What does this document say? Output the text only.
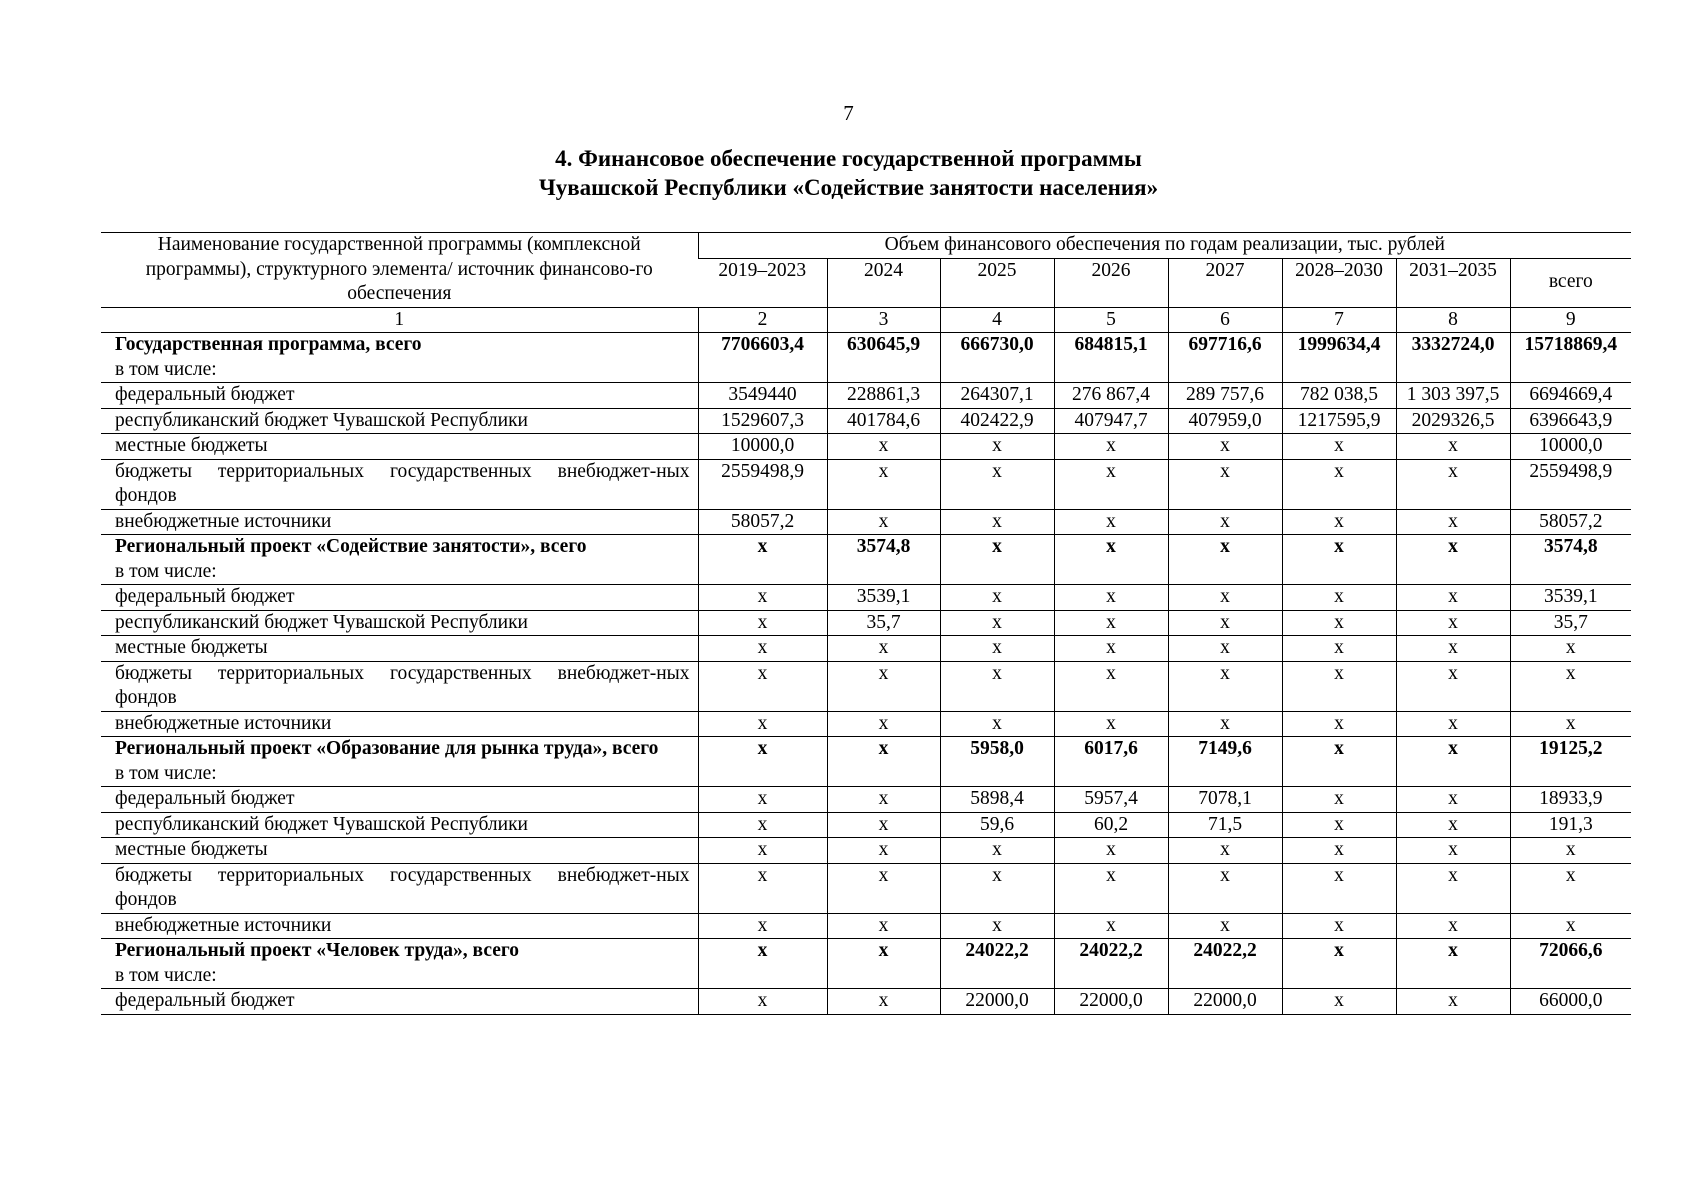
7
4. Финансовое обеспечение государственной программы
Чувашской Республики «Содействие занятости населения»
Наименование государственной программы (комплексной программы), структурного элемента/ источник финансово-го обеспечения	Объем финансового обеспечения по годам реализации, тыс. рублей							
	2019–2023	2024	2025	2026	2027	2028–2030	2031–2035	всего
1	2	3	4	5	6	7	8	9

Государственная программа, всего
в том числе:	7706603,4	630645,9	666730,0	684815,1	697716,6	1999634,4	3332724,0	15718869,4

федеральный бюджет	3549440	228861,3	264307,1	276 867,4	289 757,6	782 038,5	1 303 397,5	6694669,4

республиканский бюджет Чувашской Республики	1529607,3	401784,6	402422,9	407947,7	407959,0	1217595,9	2029326,5	6396643,9

местные бюджеты	10000,0	x	x	x	x	x	x	10000,0

бюджеты территориальных государственных внебюджет-ных фондов	2559498,9	x	x	x	x	x	x	2559498,9

внебюджетные источники	58057,2	x	x	x	x	x	x	58057,2

Региональный проект «Содействие занятости», всего
в том числе:	x	3574,8	x	x	x	x	x	3574,8

федеральный бюджет	x	3539,1	x	x	x	x	x	3539,1

республиканский бюджет Чувашской Республики	x	35,7	x	x	x	x	x	35,7

местные бюджеты	x	x	x	x	x	x	x	x

бюджеты территориальных государственных внебюджет-ных фондов	x	x	x	x	x	x	x	x

внебюджетные источники	x	x	x	x	x	x	x	x

Региональный проект «Образование для рынка труда», всего
в том числе:	x	x	5958,0	6017,6	7149,6	x	x	19125,2

федеральный бюджет	x	x	5898,4	5957,4	7078,1	x	x	18933,9

республиканский бюджет Чувашской Республики	x	x	59,6	60,2	71,5	x	x	191,3

местные бюджеты	x	x	x	x	x	x	x	x

бюджеты территориальных государственных внебюджет-ных фондов	x	x	x	x	x	x	x	x

внебюджетные источники	x	x	x	x	x	x	x	x

Региональный проект «Человек труда», всего
в том числе:	x	x	24022,2	24022,2	24022,2	x	x	72066,6

федеральный бюджет	x	x	22000,0	22000,0	22000,0	x	x	66000,0
